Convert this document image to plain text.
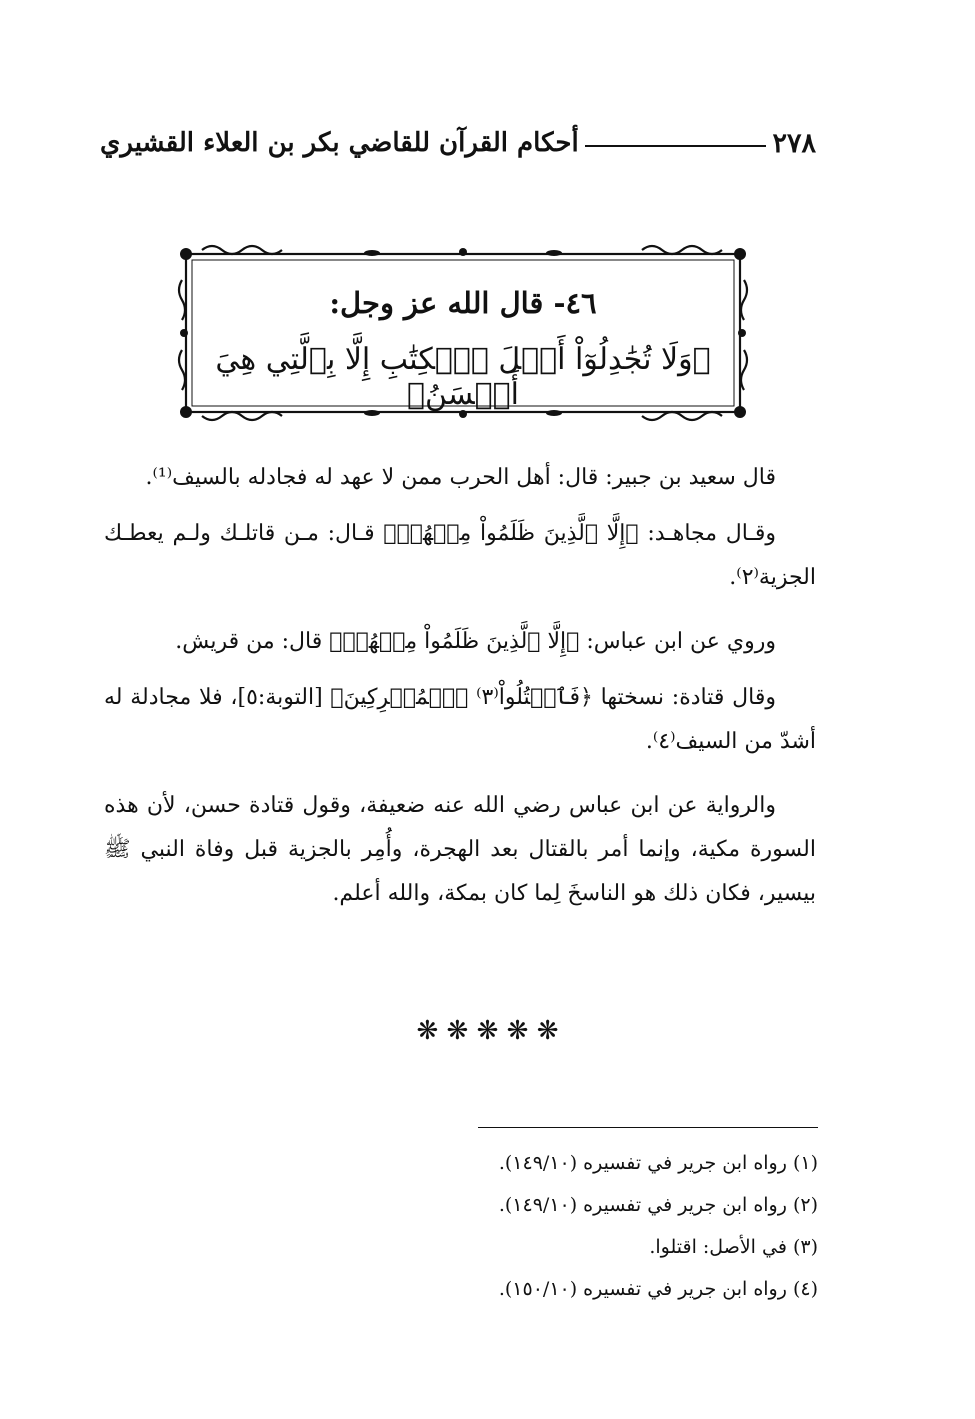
٢٧٨
أحكام القرآن للقاضي بكر بن العلاء القشيري
٤٦- قال الله عز وجل:
﴿وَلَا تُجَٰدِلُوٓاْ أَهۡلَ ٱلۡكِتَٰبِ إِلَّا بِٱلَّتِي هِيَ أَحۡسَنُ﴾
قال سعيد بن جبير: قال: أهل الحرب ممن لا عهد له فجادله بالسيف⁽¹⁾.
وقـال مجاهـد: ﴿إِلَّا ٱلَّذِينَ ظَلَمُواْ مِنۡهُمۡ﴾ قـال: مـن قاتلـك ولـم يعطـك الجزية⁽٢⁾.
وروي عن ابن عباس: ﴿إِلَّا ٱلَّذِينَ ظَلَمُواْ مِنۡهُمۡ﴾ قال: من قريش.
وقال قتادة: نسختها ﴿فَٱقۡتُلُواْ⁽٣⁾ ٱلۡمُشۡرِكِينَ﴾ [التوبة:٥]، فلا مجادلة له أشدّ من السيف⁽٤⁾.
والرواية عن ابن عباس رضي الله عنه ضعيفة، وقول قتادة حسن، لأن هذه السورة مكية، وإنما أمر بالقتال بعد الهجرة، وأُمِر بالجزية قبل وفاة النبي ﷺ بيسير، فكان ذلك هو الناسخَ لِما كان بمكة، والله أعلم.
❋ ❋ ❋ ❋ ❋
(١) رواه ابن جرير في تفسيره (١٤٩/١٠).
(٢) رواه ابن جرير في تفسيره (١٤٩/١٠).
(٣) في الأصل: اقتلوا.
(٤) رواه ابن جرير في تفسيره (١٥٠/١٠).
